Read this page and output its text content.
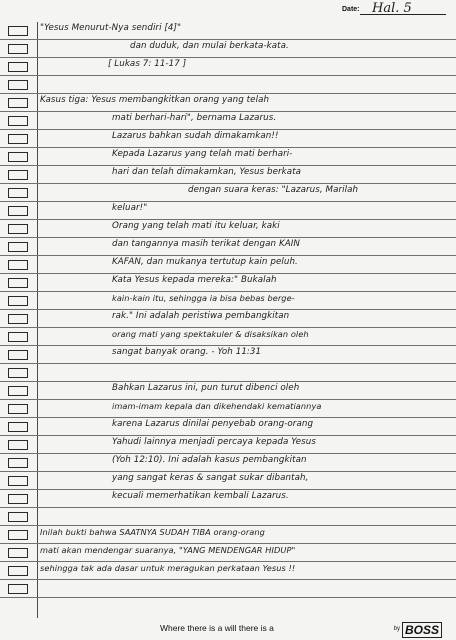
Date: Hal. 5
"Yesus Menurut-Nya sendiri [4]"
dan duduk, dan mulai berkata-kata.
[ Lukas 7: 11-17 ]
Kasus tiga: Yesus membangkitkan orang yang telah
mati berhari-hari", bernama Lazarus.
Lazarus bahkan sudah dimakamkan!!
Kepada Lazarus yang telah mati berhari-
hari dan telah dimakamkan, Yesus berkata
dengan suara keras: "Lazarus, Marilah
keluar!"
Orang yang telah mati itu keluar, kaki
dan tangannya masih terikat dengan KAIN
KAFAN, dan mukanya tertutup kain peluh.
Kata Yesus kepada mereka:" Bukalah
kain-kain itu, sehingga ia bisa bebas berge-
rak." Ini adalah peristiwa pembangkitan
orang mati yang spektakuler & disaksikan oleh
sangat banyak orang. - Yoh 11:31
Bahkan Lazarus ini, pun turut dibenci oleh
imam-imam kepala dan dikehendaki kematiannya
karena Lazarus dinilai penyebab orang-orang
Yahudi lainnya menjadi percaya kepada Yesus
(Yoh 12:10). Ini adalah kasus pembangkitan
yang sangat keras & sangat sukar dibantah,
kecuali memerhatikan kembali Lazarus.
Inilah bukti bahwa SAATNYA SUDAH TIBA orang-orang
mati akan mendengar suaranya, "YANG MENDENGAR HIDUP"
sehingga tak ada dasar untuk meragukan perkataan Yesus !!
Where there is a will there is a	by BOSS
